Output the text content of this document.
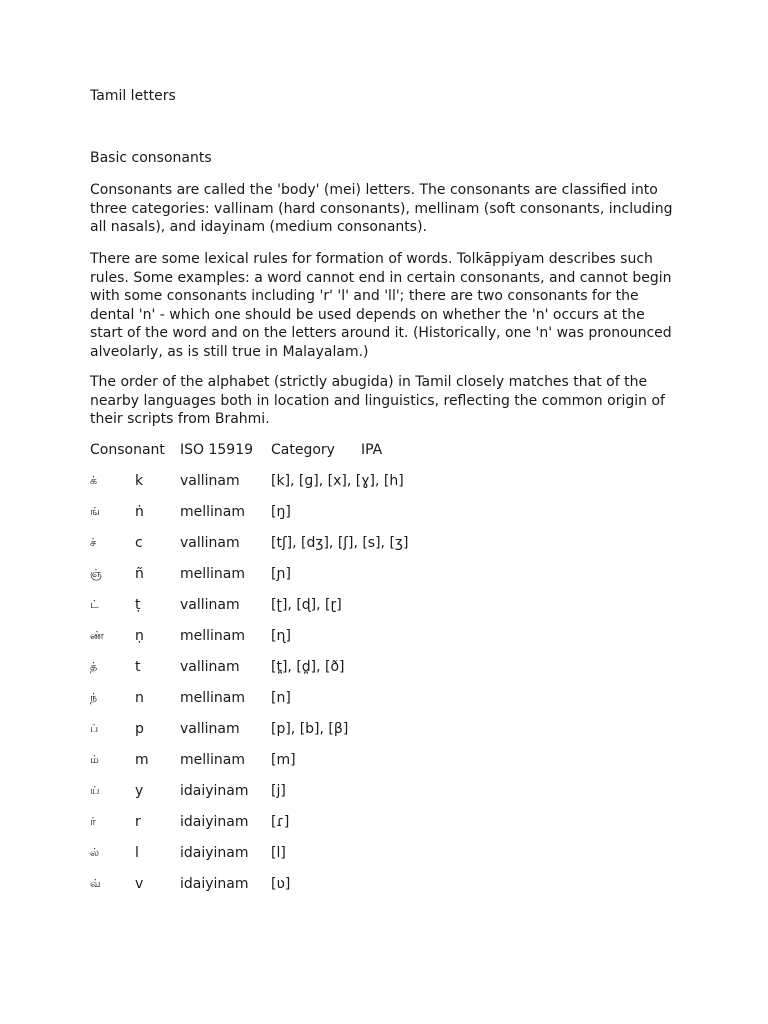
Tamil letters
Basic consonants

Consonants are called the 'body' (mei) letters. The consonants are classified into three categories: vallinam (hard consonants), mellinam (soft consonants, including all nasals), and idayinam (medium consonants).

There are some lexical rules for formation of words. Tolkāppiyam describes such rules. Some examples: a word cannot end in certain consonants, and cannot begin with some consonants including 'r' 'l' and 'll'; there are two consonants for the dental 'n' - which one should be used depends on whether the 'n' occurs at the start of the word and on the letters around it. (Historically, one 'n' was pronounced alveolarly, as is still true in Malayalam.)

The order of the alphabet (strictly abugida) in Tamil closely matches that of the nearby languages both in location and linguistics, reflecting the common origin of their scripts from Brahmi.

Consonant ISO 15919 Category IPA
க்	k	vallinam [k], [ɡ], [x], [ɣ], [h]
ங்	ṅ	mellinam [ŋ]
ச்	c	vallinam [tʃ], [dʒ], [ʃ], [s], [ʒ]
ஞ் ñ	mellinam [ɲ]
ட்	ṭ	vallinam [ʈ], [ɖ], [ɽ]
ண் ṇ	mellinam [ɳ]
த்	t	vallinam [t̪], [d̪], [ð]
ந்	n	mellinam [n]
ப்	p	vallinam [p], [b], [β]
ம்	m mellinam [m]
ய்	y	idaiyinam [j]
ர்	r	idaiyinam [ɾ]
ல்	l	idaiyinam [l]
வ் v	idaiyinam [ʋ]
